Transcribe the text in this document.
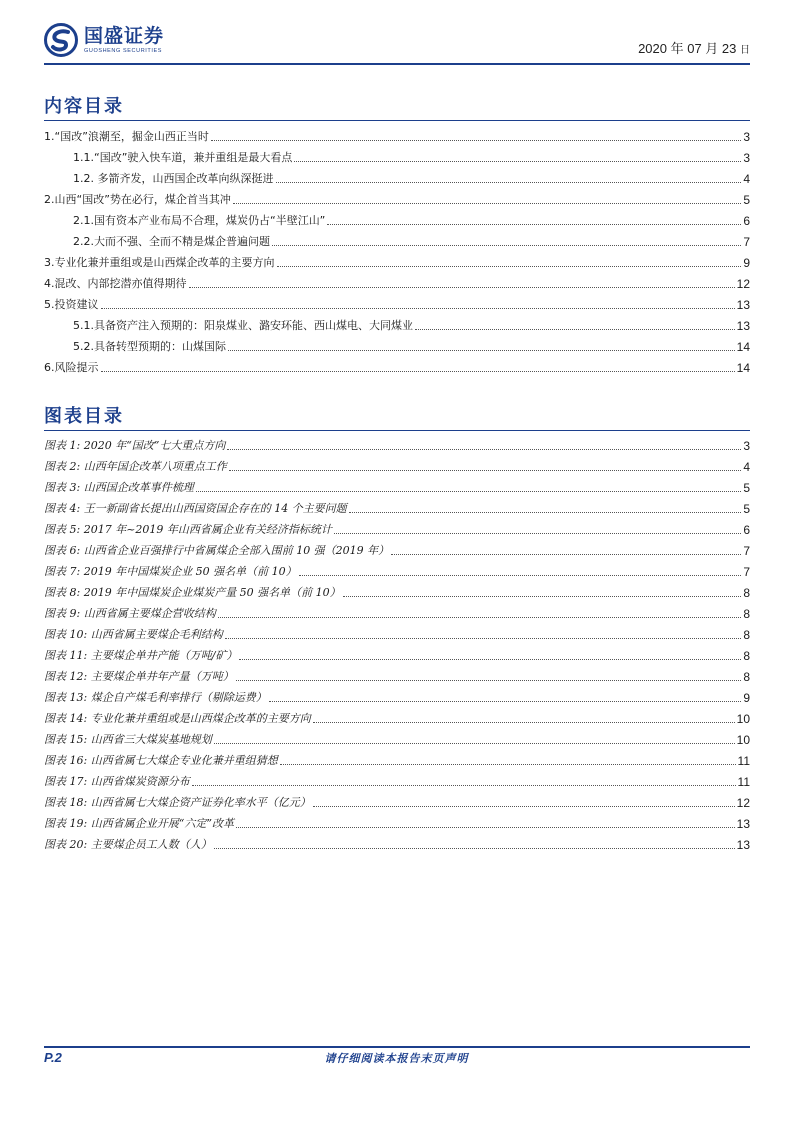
国盛证券
GUOSHENG SECURITIES	2020 年 07 月 23 日
内容目录
1.“国改”浪潮至，掘金山西正当时	3
1.1.“国改”驶入快车道，兼并重组是最大看点	3
1.2. 多箭齐发，山西国企改革向纵深挺进	4
2.山西“国改”势在必行，煤企首当其冲	5
2.1.国有资本产业布局不合理，煤炭仍占“半壁江山”	6
2.2.大而不强、全而不精是煤企普遍问题	7
3.专业化兼并重组或是山西煤企改革的主要方向	9
4.混改、内部挖潜亦值得期待	12
5.投资建议	13
5.1.具备资产注入预期的：阳泉煤业、潞安环能、西山煤电、大同煤业	13
5.2.具备转型预期的：山煤国际	14
6.风险提示	14
图表目录
图表 1: 2020 年“国改”七大重点方向	3
图表 2: 山西年国企改革八项重点工作	4
图表 3: 山西国企改革事件梳理	5
图表 4: 王一新副省长提出山西国资国企存在的 14 个主要问题	5
图表 5: 2017 年~2019 年山西省属企业有关经济指标统计	6
图表 6: 山西省企业百强排行中省属煤企全部入围前 10 强（2019 年）	7
图表 7: 2019 年中国煤炭企业 50 强名单（前 10）	7
图表 8: 2019 年中国煤炭企业煤炭产量 50 强名单（前 10）	8
图表 9: 山西省属主要煤企营收结构	8
图表 10: 山西省属主要煤企毛利结构	8
图表 11: 主要煤企单井产能（万吨/矿）	8
图表 12: 主要煤企单井年产量（万吨）	8
图表 13: 煤企自产煤毛利率排行（剔除运费）	9
图表 14: 专业化兼并重组或是山西煤企改革的主要方向	10
图表 15: 山西省三大煤炭基地规划	10
图表 16: 山西省属七大煤企专业化兼并重组猜想	11
图表 17: 山西省煤炭资源分布	11
图表 18: 山西省属七大煤企资产证券化率水平（亿元）	12
图表 19: 山西省属企业开展“六定”改革	13
图表 20: 主要煤企员工人数（人）	13
P.2	请仔细阅读本报告末页声明
